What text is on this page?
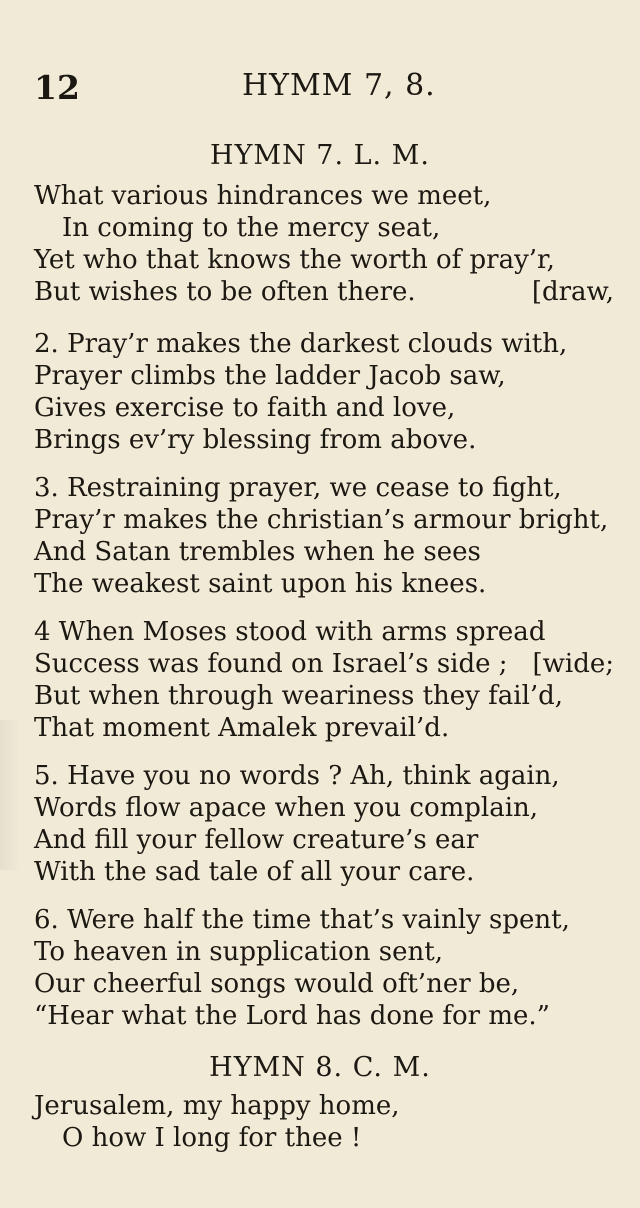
12	HYMM 7, 8.
HYMN 7. L. M.
What various hindrances we meet,
In coming to the mercy seat,
Yet who that knows the worth of pray’r,
But wishes to be often there.	[draw,
2. Pray’r makes the darkest clouds with,
Prayer climbs the ladder Jacob saw,
Gives exercise to faith and love,
Brings ev’ry blessing from above.
3. Restraining prayer, we cease to fight,
Pray’r makes the christian’s armour bright,
And Satan trembles when he sees
The weakest saint upon his knees.
4 When Moses stood with arms spread
Success was found on Israel’s side ; [wide;
But when through weariness they fail’d,
That moment Amalek prevail’d.
5. Have you no words ? Ah, think again,
Words flow apace when you complain,
And fill your fellow creature’s ear
With the sad tale of all your care.
6. Were half the time that’s vainly spent,
To heaven in supplication sent,
Our cheerful songs would oft’ner be,
“Hear what the Lord has done for me.”
HYMN 8. C. M.
Jerusalem, my happy home,
O how I long for thee !
